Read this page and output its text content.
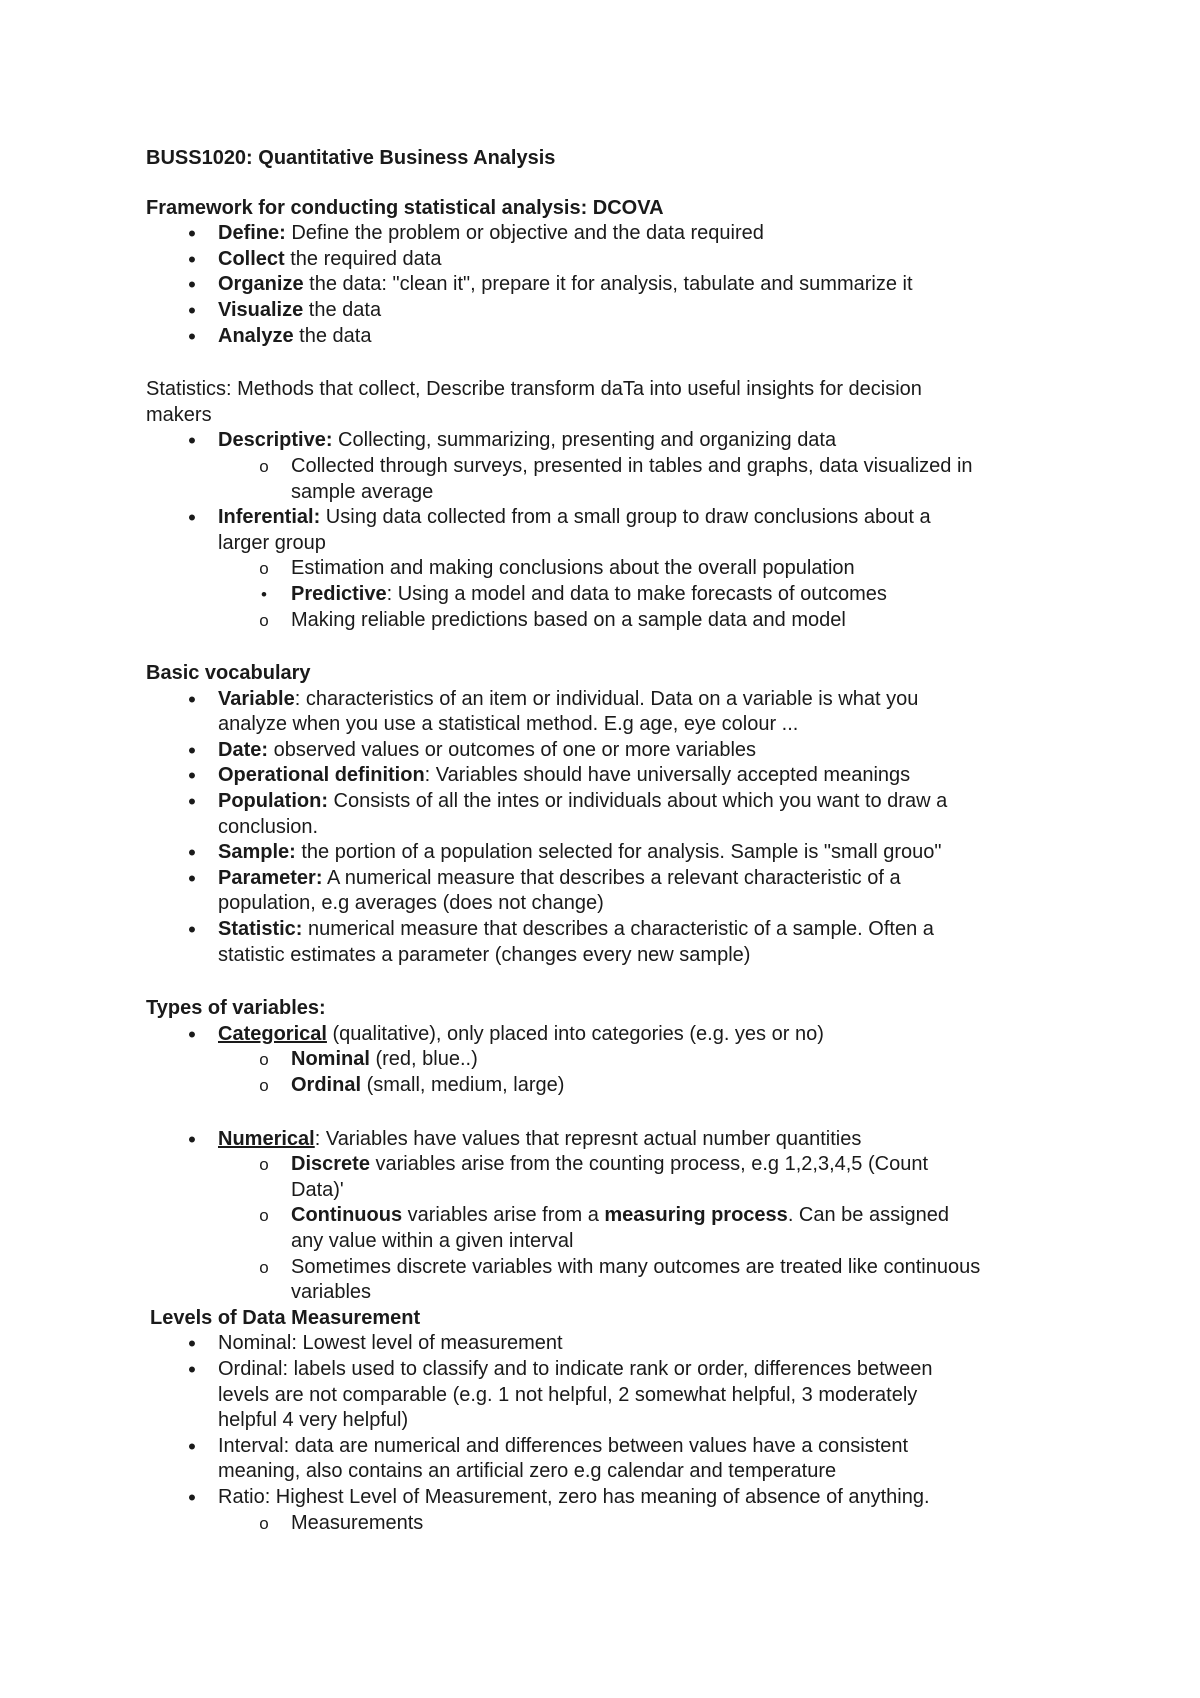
BUSS1020: Quantitative Business Analysis
Framework for conducting statistical analysis: DCOVA
•	Define: Define the problem or objective and the data required
•	Collect the required data
•	Organize the data: "clean it", prepare it for analysis, tabulate and summarize it
•	Visualize the data
•	Analyze the data
Statistics: Methods that collect, Describe transform daTa into useful insights for decision
makers
•	Descriptive: Collecting, summarizing, presenting and organizing data
o Collected through surveys, presented in tables and graphs, data visualized in
sample average
•	Inferential: Using data collected from a small group to draw conclusions about a
larger group
o Estimation and making conclusions about the overall population
•	Predictive: Using a model and data to make forecasts of outcomes
o Making reliable predictions based on a sample data and model
Basic vocabulary
•	Variable: characteristics of an item or individual. Data on a variable is what you
analyze when you use a statistical method. E.g age, eye colour ...
•	Date: observed values or outcomes of one or more variables
•	Operational definition: Variables should have universally accepted meanings
•	Population: Consists of all the intes or individuals about which you want to draw a
conclusion.
•	Sample: the portion of a population selected for analysis. Sample is "small grouo"
•	Parameter: A numerical measure that describes a relevant characteristic of a
population, e.g averages (does not change)
•	Statistic: numerical measure that describes a characteristic of a sample. Often a
statistic estimates a parameter (changes every new sample)
Types of variables:
•	Categorical (qualitative), only placed into categories (e.g. yes or no)
o Nominal (red, blue..)
o Ordinal (small, medium, large)
•	Numerical: Variables have values that represnt actual number quantities
o Discrete variables arise from the counting process, e.g 1,2,3,4,5 (Count
Data)'
o Continuous variables arise from a measuring process. Can be assigned
any value within a given interval
o Sometimes discrete variables with many outcomes are treated like continuous
variables
Levels of Data Measurement
•	Nominal: Lowest level of measurement
•	Ordinal: labels used to classify and to indicate rank or order, differences between
levels are not comparable (e.g. 1 not helpful, 2 somewhat helpful, 3 moderately
helpful 4 very helpful)
•	Interval: data are numerical and differences between values have a consistent
meaning, also contains an artificial zero e.g calendar and temperature
•	Ratio: Highest Level of Measurement, zero has meaning of absence of anything.
o Measurements
